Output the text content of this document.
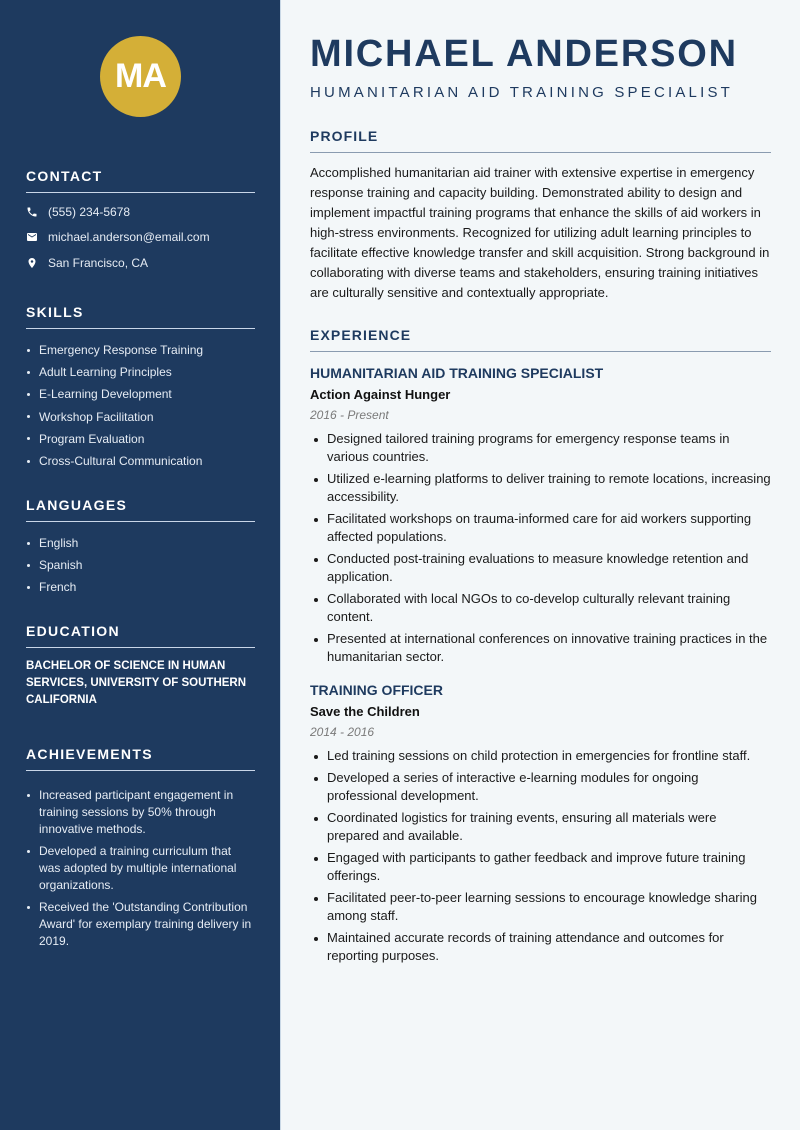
MA
CONTACT
(555) 234-5678
michael.anderson@email.com
San Francisco, CA
SKILLS
Emergency Response Training
Adult Learning Principles
E-Learning Development
Workshop Facilitation
Program Evaluation
Cross-Cultural Communication
LANGUAGES
English
Spanish
French
EDUCATION

BACHELOR OF SCIENCE IN HUMAN SERVICES, UNIVERSITY OF SOUTHERN CALIFORNIA

ACHIEVEMENTS
Increased participant engagement in training sessions by 50% through innovative methods.
Developed a training curriculum that was adopted by multiple international organizations.
Received the 'Outstanding Contribution Award' for exemplary training delivery in 2019.
MICHAEL ANDERSON
HUMANITARIAN AID TRAINING SPECIALIST
PROFILE

Accomplished humanitarian aid trainer with extensive expertise in emergency response training and capacity building. Demonstrated ability to design and implement impactful training programs that enhance the skills of aid workers in high-stress environments. Recognized for utilizing adult learning principles to facilitate effective knowledge transfer and skill acquisition. Strong background in collaborating with diverse teams and stakeholders, ensuring training initiatives are culturally sensitive and contextually appropriate.

EXPERIENCE
HUMANITARIAN AID TRAINING SPECIALIST
Action Against Hunger
2016 - Present
Designed tailored training programs for emergency response teams in various countries.
Utilized e-learning platforms to deliver training to remote locations, increasing accessibility.
Facilitated workshops on trauma-informed care for aid workers supporting affected populations.
Conducted post-training evaluations to measure knowledge retention and application.
Collaborated with local NGOs to co-develop culturally relevant training content.
Presented at international conferences on innovative training practices in the humanitarian sector.
TRAINING OFFICER
Save the Children
2014 - 2016
Led training sessions on child protection in emergencies for frontline staff.
Developed a series of interactive e-learning modules for ongoing professional development.
Coordinated logistics for training events, ensuring all materials were prepared and available.
Engaged with participants to gather feedback and improve future training offerings.
Facilitated peer-to-peer learning sessions to encourage knowledge sharing among staff.
Maintained accurate records of training attendance and outcomes for reporting purposes.
